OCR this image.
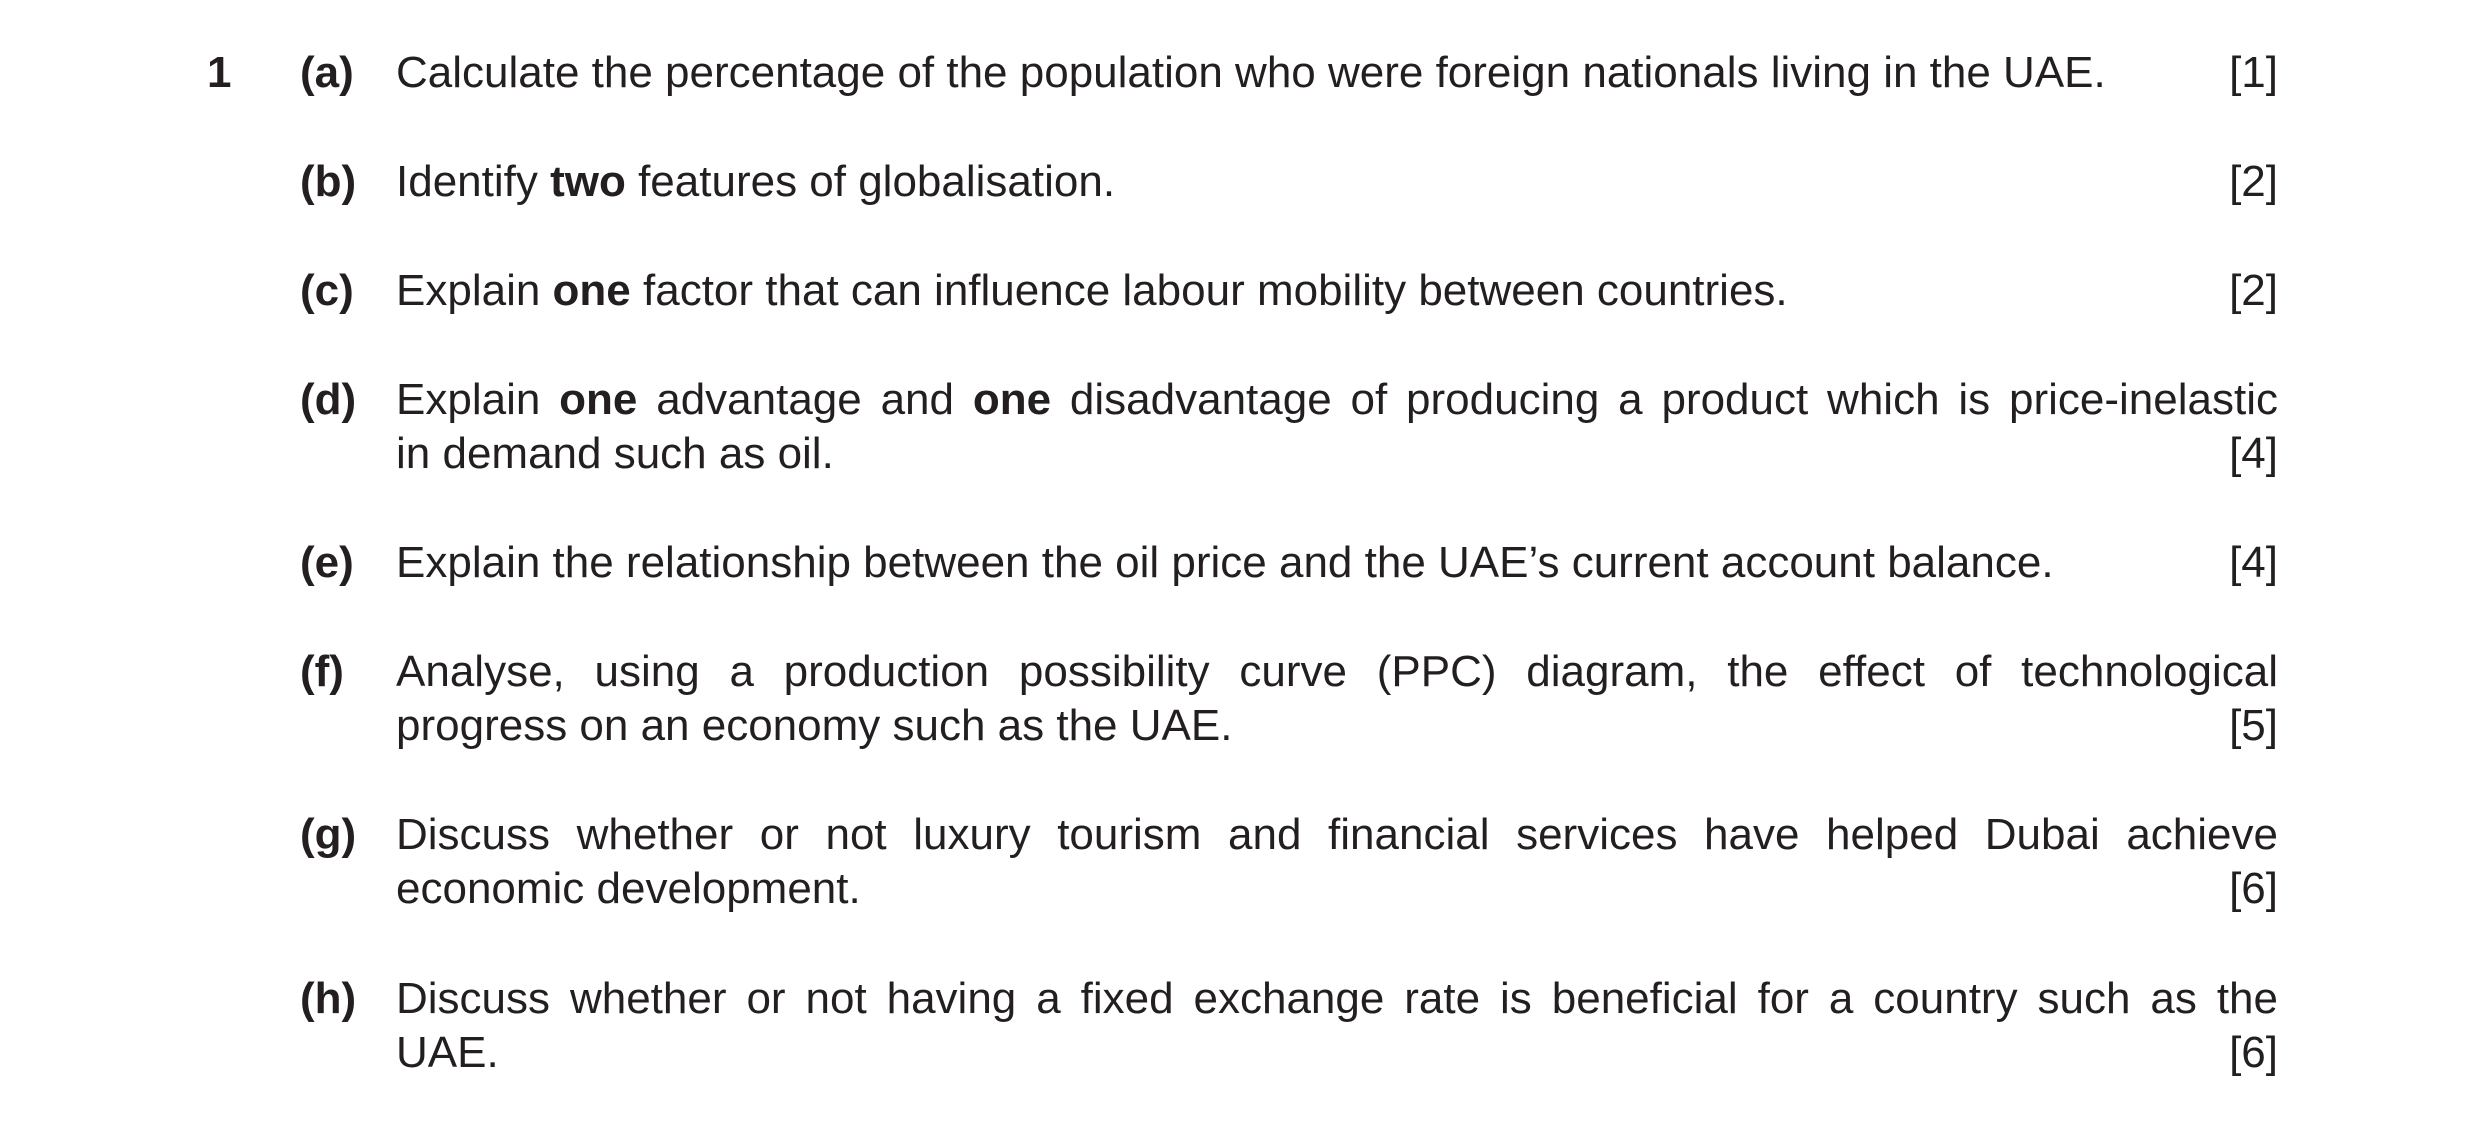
1 (a) Calculate the percentage of the population who were foreign nationals living in the UAE.	[1]
(b) Identify two features of globalisation.	[2]
(c) Explain one factor that can influence labour mobility between countries.	[2]
(d) Explain one advantage and one disadvantage of producing a product which is price-inelastic
in demand such as oil.	[4]
(e) Explain the relationship between the oil price and the UAE’s current account balance.	[4]
(f) Analyse, using a production possibility curve (PPC) diagram, the effect of technological
progress on an economy such as the UAE.	[5]
(g) Discuss whether or not luxury tourism and financial services have helped Dubai achieve
economic development.	[6]
(h) Discuss whether or not having a fixed exchange rate is beneficial for a country such as the
UAE.	[6]
